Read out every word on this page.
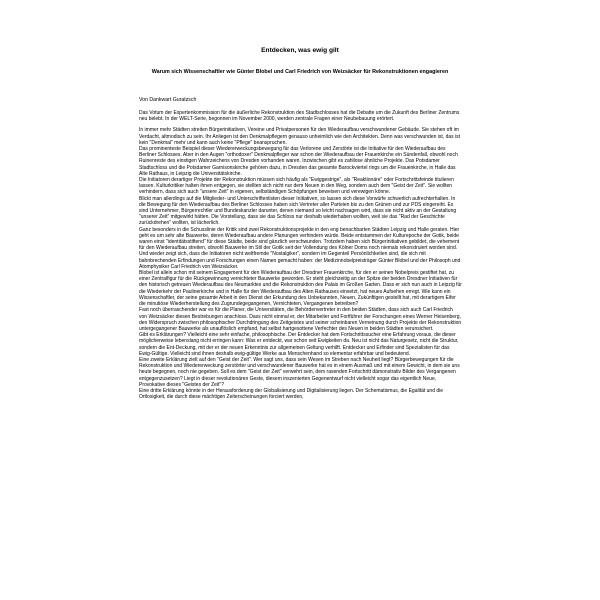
Entdecken, was ewig gilt
Warum sich Wissenschaftler wie Günter Blobel und Carl Friedrich von Weizsäcker für Rekonstruktionen engagieren
Von Dankwart Guratzsch

Das Votum der Expertenkommission für die äußerliche Rekonstruktion des Stadtschlosses hat die Debatte um die Zukunft des Berliner Zentrums neu belebt. In der WELT-Serie, begonnen im November 2000, werden zentrale Fragen einer Neubebauung erörtert.

In immer mehr Städten streiten Bürgerinitiativen, Vereine und Privatpersonen für den Wiederaufbau verschwundener Gebäude. Sie stehen oft im Verdacht, altmodisch zu sein. Ihr Anliegen ist den Denkmalpflegern genauso unheimlich wie den Architekten. Denn was verschwunden ist, das ist kein "Denkmal" mehr und kann auch keine "Pflege" beanspruchen.

Das prominenteste Beispiel dieser Wiedererweckungsbewegung für das Verlorene und Zerstörte ist die Initiative für den Wiederaufbau des Berliner Schlosses. Aber in den Augen "orthodoxer" Denkmalpfleger war schon der Wiederaufbau der Frauenkirche ein Sündenfall, obwohl noch Ruinenreste des einstigen Wahrzeichens von Dresden vorhanden waren. Inzwischen gibt es zahllose ähnliche Projekte. Das Potsdamer Stadtschloss und die Potsdamer Garnisonskirche gehören dazu, in Dresden das gesamte Barockviertel rings um die Frauenkirche, in Halle das Alte Rathaus, in Leipzig die Universitätskirche.

Die Initiatoren derartiger Projekte der Rekonstruktion müssen sich häufig als "Ewiggestrige", als "Reaktionäre" oder Fortschrittsfeinde titulieren lassen. Kulturkritiker halten ihnen entgegen, sie stellten sich nicht nur dem Neuen in den Weg, sondern auch dem "Geist der Zeit". Sie wollten verhindern, dass sich auch "unsere Zeit" in eigenen, selbständigen Schöpfungen beweisen und verewigen könne.

Blickt man allerdings auf die Mitglieder- und Unterschriftenlisten dieser Initiativen, so lassen sich diese Vorwürfe schwerlich aufrechterhalten. In die Bewegung für den Wiederaufbau des Berliner Schlosses haben sich Vertreter aller Parteien bis zu den Grünen und zur PDS eingereiht. Es sind Unternehmer, Bürgerrechtler und Bundeskanzler darunter, denen niemand so leicht nachsagen wird, dass sie nicht aktiv an der Gestaltung "unserer Zeit" mitgewirkt hätten. Die Vorstellung, dass sie das Schloss nur deshalb wiederhaben wollten, weil sie das "Rad der Geschichte zurückdrehen" wollten, ist lächerlich.

Ganz besonders in die Schusslinie der Kritik sind zwei Rekonstruktionsprojekte in den eng benachbarten Städten Leipzig und Halle geraten. Hier geht es um sehr alte Bauwerke, deren Wiederaufbau andere Planungen verhindern würde. Beide entstammen der Kulturepoche der Gotik, beide waren einst "identitätsstiftend" für diese Städte, beide sind gänzlich verschwunden. Trotzdem haben sich Bürgerinitiativen gebildet, die vehement für den Wiederaufbau streiten, obwohl Bauwerke im Stil der Gotik seit der Vollendung des Kölner Doms noch niemals rekonstruiert worden sind. Und wieder zeigt sich, dass die Initiatoren nicht weltfremde "Nostalgiker", sondern im Gegenteil Persönlichkeiten sind, die sich mit bahnbrechenden Erfindungen und Forschungen einen Namen gemacht haben: der Medizinnobelpreisträger Günter Blobel und der Philosoph und Atomphysiker Carl Friedrich von Weizsäcker.

Blobel ist allein schon mit seinem Engagement für den Wiederaufbau der Dresdner Frauenkirche, für den er seinen Nobelpreis gestiftet hat, zu einer Zentralfigur für die Rückgewinnung vernichteter Bauwerke geworden. Er steht gleichzeitig an der Spitze der beiden Dresdner Initiativen für den historisch getreuen Wiederaufbau des Neumarktes und die Rekonstruktion des Palais im Großen Garten. Dass er sich nun auch in Leipzig für die Wiederkehr der Paulinerkirche und in Halle für den Wiederaufbau des Alten Rathauses einsetzt, hat neues Aufsehen erregt. Wie kann ein Wissenschaftler, der seine gesamte Arbeit in den Dienst der Erkundung des Unbekannten, Neuen, Zukünftigen gestellt hat, mit derartigem Eifer die minutiöse Wiederherstellung des Zugrundegegangenen, Vernichteten, Vergangenen betreiben?

Fast noch überraschender war es für die Planer, die Universitäten, die Behördenvertreter in den beiden Städten, dass sich auch Carl Friedrich von Weizsäcker diesen Bestrebungen anschloss. Dass nicht einmal er, der Mitarbeiter und Fortführer der Forschungen eines Werner Heisenberg, den Widerspruch zwischen philosophischer Durchdringung des Zeitgeistes und seiner scheinbaren Verneinung durch Projekte der Rekonstruktion untergegangener Bauwerke als unauflöslich empfand, hat selbst hartgesottene Verfechter des Neuen in beiden Städten verunsichert.

Gibt es Erklärungen? Vielleicht eine sehr einfache, philosophische. Der Entdecker hat dem Fortschrittssucher eine Erfahrung voraus, die dieser möglicherweise lebenslang nicht erringen kann: Was er entdeckt, war schon seit Ewigkeiten da. Neu ist nicht das Naturgesetz, nicht die Struktur, sondern die Ent-Deckung, mit der er der neuen Erkenntnis zur allgemeinen Geltung verhilft. Entdecker und Erfinder sind Spezialisten für das Ewig-Gültige. Vielleicht sind ihnen deshalb ewig-gültige Werke aus Menschenhand so elementar erfahrbar und bedeutend.

Eine zweite Erklärung zielt auf den "Geist der Zeit". Wer sagt uns, dass sein Wesen im Streben nach Neuheit liegt? Bürgerbewegungen für die Rekonstruktion und Wiedererweckung zerstörter und verschwundener Bauwerke hat es in einem Ausmaß und mit einem Gewicht, in dem sie uns heute begegnen, noch nie gegeben. Soll es dem "Geist der Zeit" verwehrt sein, dem rasenden Fortschritt dämonstrativ Bilder des Vergangenen entgegenzusetzen? Liegt in dieser revolutionären Geste, diesem inszenierten Gegenentwurf nicht vielleicht sogar das eigentlich Neue, Provokative dieses "Geistes der Zeit"?

Eine dritte Erklärung könnte in der Herausforderung der Globalisierung und Digitalisierung liegen. Der Schematismus, die Egalität und die Ortlosigkeit, die durch diese mächtigen Zeiterscheinungen forciert werden,
